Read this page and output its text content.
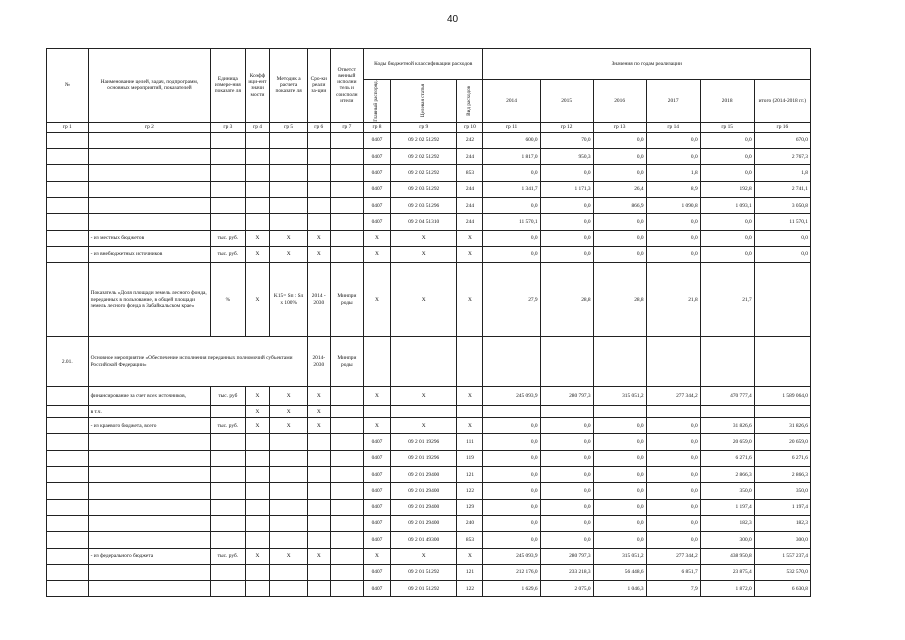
40
№	Наименование целей, задач, подпрограмм, основных мероприятий, показателей	Единица измере-ния показате ля	Коэфф ици-ент значи мости	Методик а расчета показате ля	Сро-ки реали за-ции	Ответст венный исполни тель и соисполн ители	Коды бюджетной классификации расходов			Значения по годам реализации					

							Главный распоряд.	Целевая статья	Вид расходов	2014	2015	2016	2017	2018	итого (2014-2018 гг.)
гр 1	гр 2	гр 3	гр 4	гр 5	гр 6	гр 7	гр 8	гр 9	гр 10	гр 11	гр 12	гр 13	гр 14	гр 15	гр 16
							0407	09 2 02 51292	242	600,0	70,0	0,0	0,0	0,0	670,0
							0407	09 2 02 51292	244	1 817,0	950,3	0,0	0,0	0,0	2 767,3
							0407	09 2 02 51292	853	0,0	0,0	0,0	1,8	0,0	1,8
							0407	09 2 03 51292	244	1 341,7	1 171,3	26,4	8,9	192,8	2 741,1
							0407	09 2 03 51296	244	0,0	0,0	866,9	1 090,8	1 093,1	3 050,8
							0407	09 2 04 51310	244	11 570,1	0,0	0,0	0,0	0,0	11 570,1
	- из местных бюджетов	тыс. руб.	X	X	X		X	X	X	0,0	0,0	0,0	0,0	0,0	0,0
	- из внебюджетных источников	тыс. руб.	X	X	X		X	X	X	0,0	0,0	0,0	0,0	0,0	0,0
	Показатель «Доля площади земель лесного фонда, переданных в пользование, в общей площади земель лесного фонда в Забайкальском крае»	%	X	K15= Sп : Sл x 100%	2014 - 2030	Минпри роды	X	X	X	27,9	28,8	28,8	21,8	21,7	
2.01.	Основное мероприятие «Обеспечение исполнения переданных полномочий субъектами Российской Федерации»				2014-2030	Минпри роды									
	финансирование за счет всех источников,	тыс. руб	X	X	X		X	X	X	245 093,9	280 797,3	315 051,2	277 344,2	470 777,4	1 589 064,0
	в т.ч.		X	X	X										
	- из краевого бюджета, всего	тыс. руб.	X	X	X		X	X	X	0,0	0,0	0,0	0,0	31 826,6	31 826,6
							0407	09 2 01 19296	111	0,0	0,0	0,0	0,0	20 659,0	20 659,0
							0407	09 2 01 19296	119	0,0	0,0	0,0	0,0	6 271,6	6 271,6
							0407	09 2 01 29400	121	0,0	0,0	0,0	0,0	2 866,3	2 866,3
							0407	09 2 01 29400	122	0,0	0,0	0,0	0,0	350,0	350,0
							0407	09 2 01 29400	129	0,0	0,0	0,0	0,0	1 197,4	1 197,4
							0407	09 2 01 29400	240	0,0	0,0	0,0	0,0	182,3	182,3
							0407	09 2 01 49300	853	0,0	0,0	0,0	0,0	300,0	300,0
	- из федерального бюджета	тыс. руб.	X	X	X		X	X	X	245 093,9	280 797,3	315 051,2	277 344,2	438 950,8	1 557 237,4
							0407	09 2 01 51292	121	212 176,0	233 218,3	56 448,6	6 851,7	23 875,4	532 570,0
							0407	09 2 01 51292	122	1 629,6	2 075,0	1 046,3	7,9	1 872,0	6 630,8
